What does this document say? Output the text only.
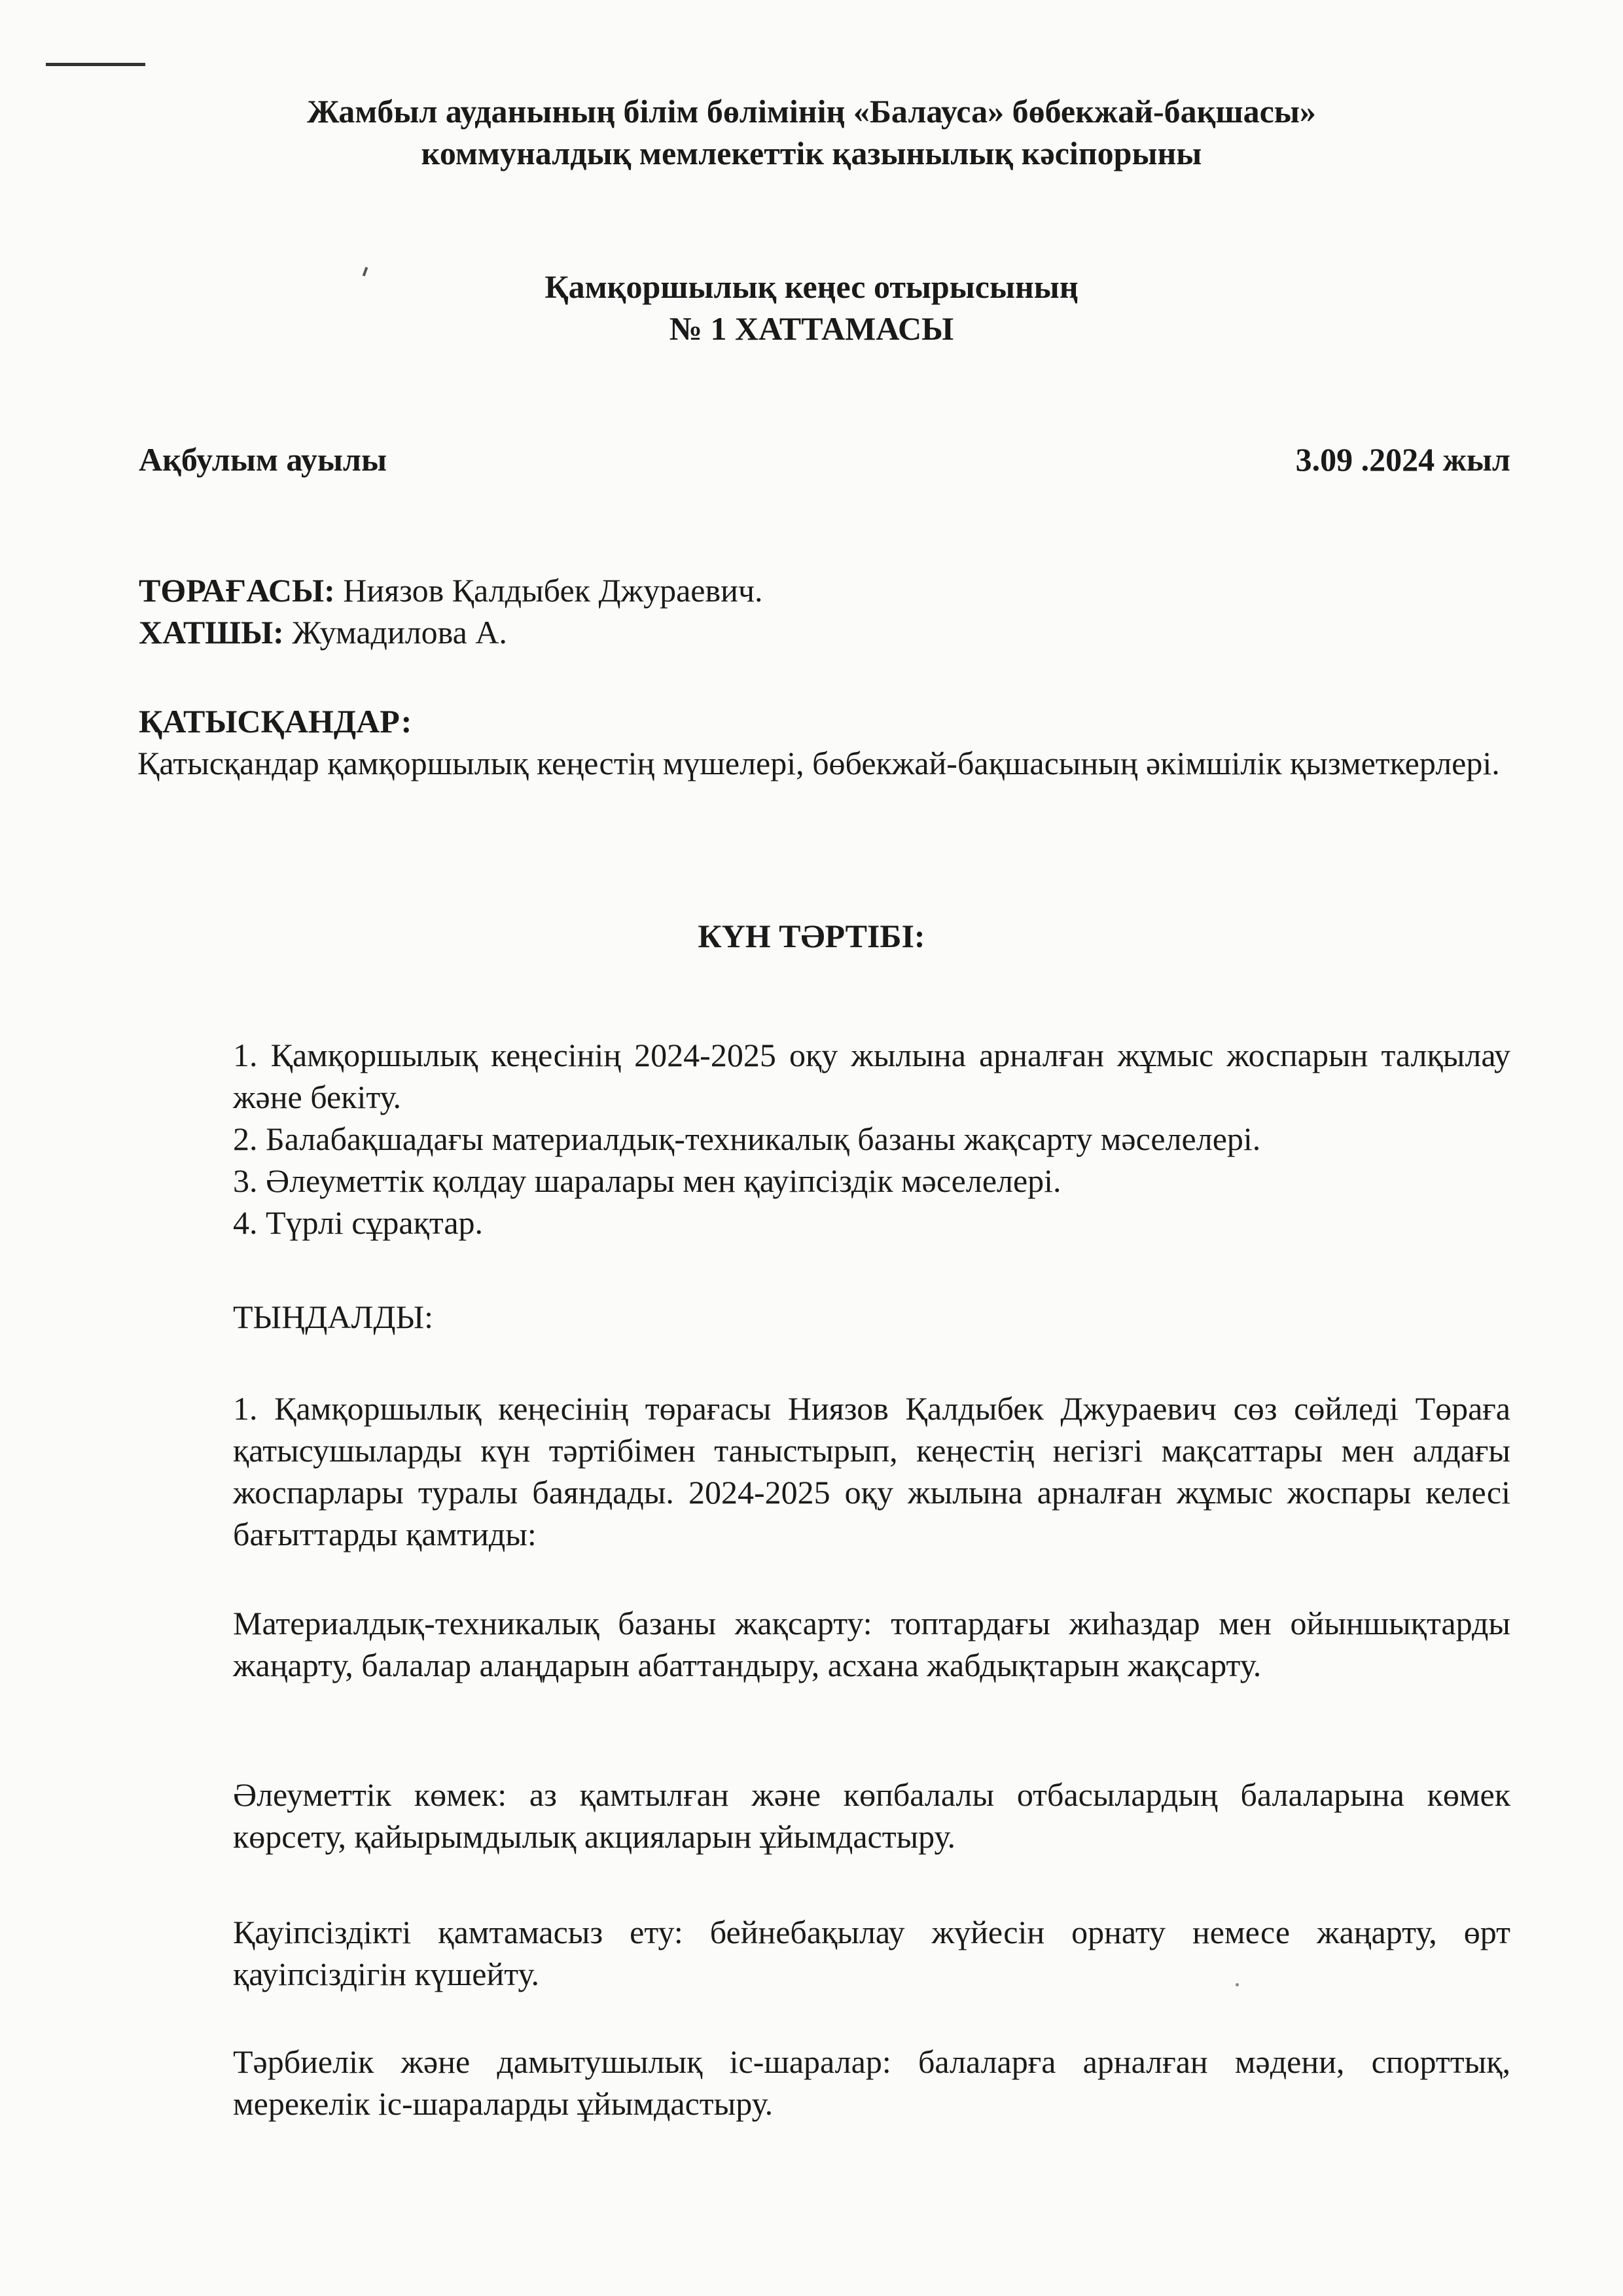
Жамбыл ауданының білім бөлімінің «Балауса» бөбекжай-бақшасы»
коммуналдық мемлекеттік қазынылық кәсіпорыны
Қамқоршылық кеңес отырысының
№ 1 ХАТТАМАСЫ
Ақбулым ауылы	3.09 .2024 жыл
ТӨРАҒАСЫ: Ниязов Қалдыбек Джураевич.
ХАТШЫ: Жумадилова А.
ҚАТЫСҚАНДАР:
Қатысқандар қамқоршылық кеңестің мүшелері, бөбекжай-бақшасының әкімшілік қызметкерлері.
КҮН ТӘРТІБІ:

1. Қамқоршылық кеңесінің 2024-2025 оқу жылына арналған жұмыс жоспарын талқылау және бекіту.

2. Балабақшадағы материалдық-техникалық базаны жақсарту мәселелері.

3. Әлеуметтік қолдау шаралары мен қауіпсіздік мәселелері.

4. Түрлі сұрақтар.

ТЫҢДАЛДЫ:
1. Қамқоршылық кеңесінің төрағасы Ниязов Қалдыбек Джураевич сөз сөйледі Төраға қатысушыларды күн тәртібімен таныстырып, кеңестің негізгі мақсаттары мен алдағы жоспарлары туралы баяндады. 2024-2025 оқу жылына арналған жұмыс жоспары келесі бағыттарды қамтиды:
Материалдық-техникалық базаны жақсарту: топтардағы жиһаздар мен ойыншықтарды жаңарту, балалар алаңдарын абаттандыру, асхана жабдықтарын жақсарту.
Әлеуметтік көмек: аз қамтылған және көпбалалы отбасылардың балаларына көмек көрсету, қайырымдылық акцияларын ұйымдастыру.
Қауіпсіздікті қамтамасыз ету: бейнебақылау жүйесін орнату немесе жаңарту, өрт қауіпсіздігін күшейту.
Тәрбиелік және дамытушылық іс-шаралар: балаларға арналған мәдени, спорттық, мерекелік іс-шараларды ұйымдастыру.
